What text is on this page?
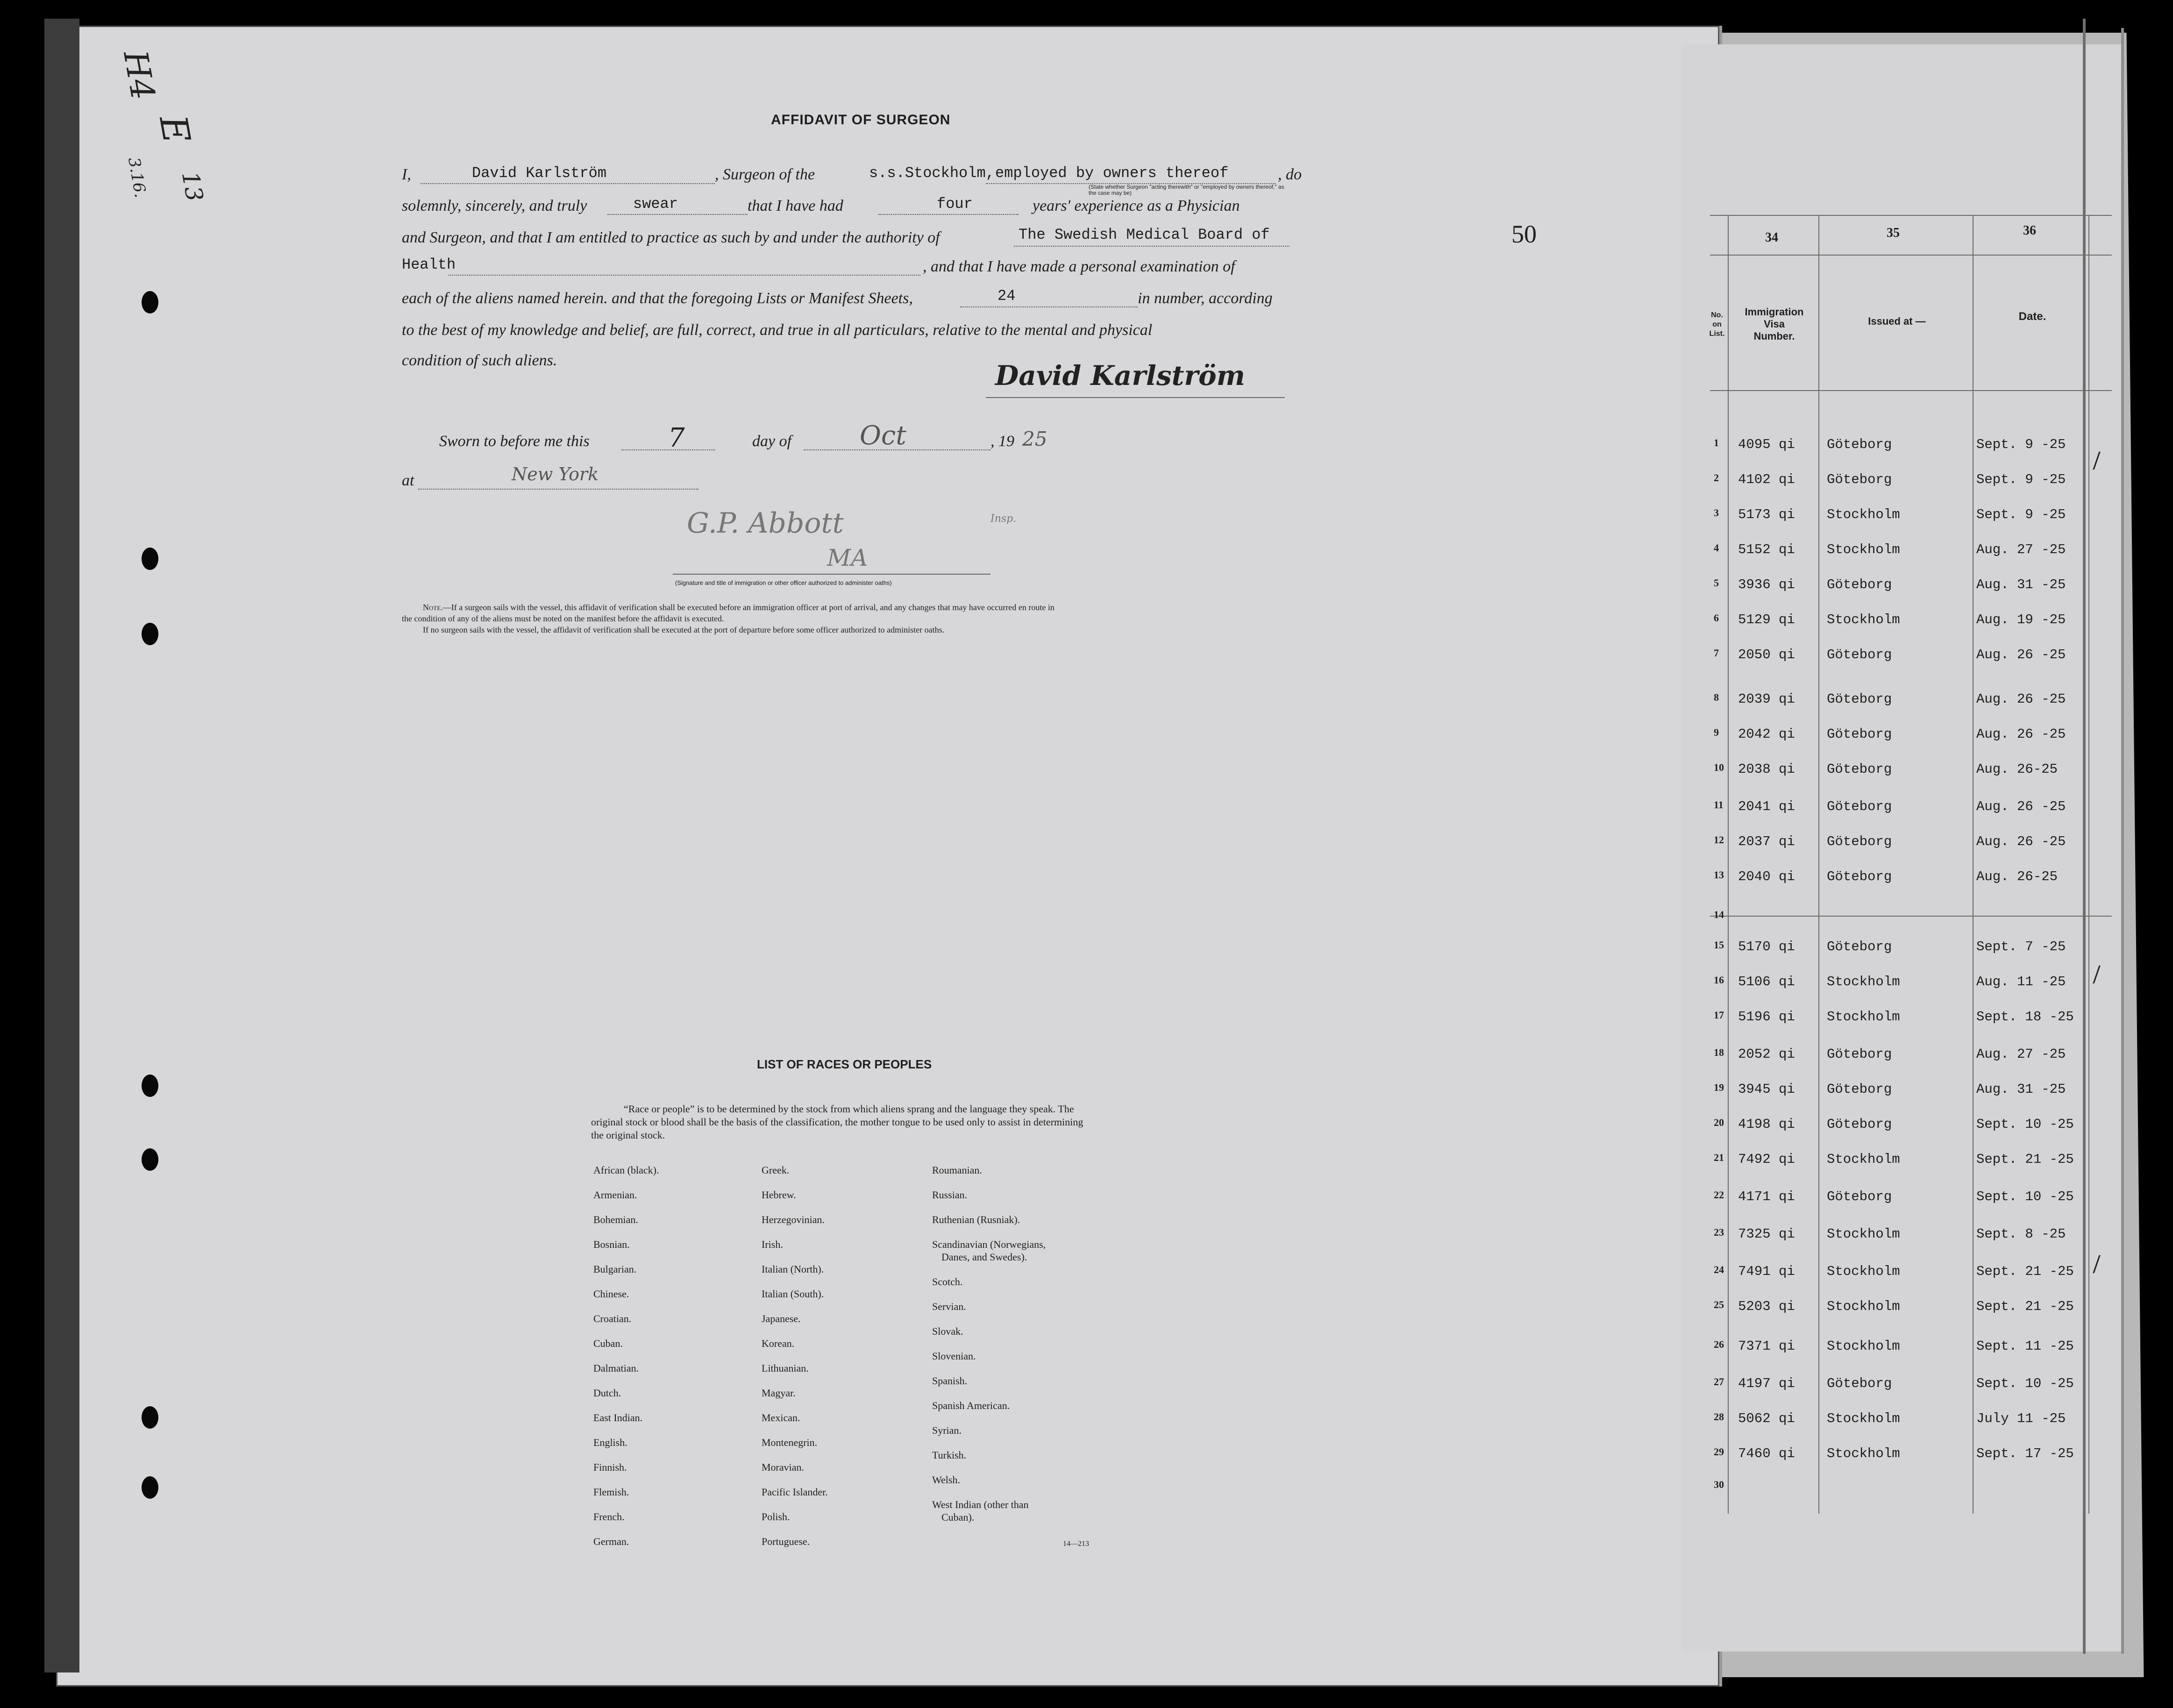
H4
E
3.16. 13
AFFIDAVIT OF SURGEON
I,	David Karlström	, Surgeon of the	s.s.Stockholm, employed by owners thereof	, do
(State whether Surgeon "acting therewith" or "employed by owners thereof," as the case may be)
solemnly, sincerely, and truly	swear	that I have had	four	years' experience as a Physician
and Surgeon, and that I am entitled to practice as such by and under the authority of	The Swedish Medical Board of
Health	, and that I have made a personal examination of
each of the aliens named herein. and that the foregoing Lists or Manifest Sheets,	24	in number, according
to the best of my knowledge and belief, are full, correct, and true in all particulars, relative to the mental and physical
condition of such aliens.	David Karlström
Sworn to before me this	7	day of	Oct	, 19 25
at	New York
G.P. Abbott	Insp.
MA
(Signature and title of immigration or other officer authorized to administer oaths)
Note.—If a surgeon sails with the vessel, this affidavit of verification shall be executed before an immigration officer at port of arrival, and any changes that may have occurred en route in
the condition of any of the aliens must be noted on the manifest before the affidavit is executed.
If no surgeon sails with the vessel, the affidavit of verification shall be executed at the port of departure before some officer authorized to administer oaths.
50
LIST OF RACES OR PEOPLES
“Race or people” is to be determined by the stock from which aliens sprang and the language they speak. The original stock or blood shall be the basis of the classification, the mother tongue to be used only to assist in determining the original stock.
African (black).
Armenian.
Bohemian.
Bosnian.
Bulgarian.
Chinese.
Croatian.
Cuban.
Dalmatian.
Dutch.
East Indian.
English.
Finnish.
Flemish.
French.
German.
Greek.
Hebrew.
Herzegovinian.
Irish.
Italian (North).
Italian (South).
Japanese.
Korean.
Lithuanian.
Magyar.
Mexican.
Montenegrin.
Moravian.
Pacific Islander.
Polish.
Portuguese.
Roumanian.
Russian.
Ruthenian (Rusniak).
Scandinavian (Norwegians,
Danes, and Swedes).
Scotch.
Servian.
Slovak.
Slovenian.
Spanish.
Spanish American.
Syrian.
Turkish.
Welsh.
West Indian (other than
Cuban).
14—213
34	35	36
No. on List.
Immigration
Visa
Number.
Issued at —	Date.
1 4095 qi Göteborg	Sept. 9 -25
2 4102 qi Göteborg	Sept. 9 -25
3 5173 qi Stockholm	Sept. 9 -25
4 5152 qi Stockholm	Aug. 27 -25
5 3936 qi Göteborg	Aug. 31 -25
6 5129 qi Stockholm	Aug. 19 -25
7 2050 qi Göteborg	Aug. 26 -25
8 2039 qi Göteborg	Aug. 26 -25
9 2042 qi Göteborg	Aug. 26 -25
10 2038 qi Göteborg	Aug. 26-25
11 2041 qi Göteborg	Aug. 26 -25
12 2037 qi Göteborg	Aug. 26 -25
13 2040 qi Göteborg	Aug. 26-25
14
15 5170 qi Göteborg	Sept. 7 -25
16 5106 qi Stockholm	Aug. 11 -25
17 5196 qi Stockholm	Sept. 18 -25
18 2052 qi Göteborg	Aug. 27 -25
19 3945 qi Göteborg	Aug. 31 -25
20 4198 qi Göteborg	Sept. 10 -25
21 7492 qi Stockholm	Sept. 21 -25
22 4171 qi Göteborg	Sept. 10 -25
23 7325 qi Stockholm	Sept. 8 -25
24 7491 qi Stockholm	Sept. 21 -25
25 5203 qi Stockholm	Sept. 21 -25
26 7371 qi Stockholm	Sept. 11 -25
27 4197 qi Göteborg	Sept. 10 -25
28 5062 qi Stockholm	July 11 -25
29 7460 qi Stockholm	Sept. 17 -25
30
/
/
/
